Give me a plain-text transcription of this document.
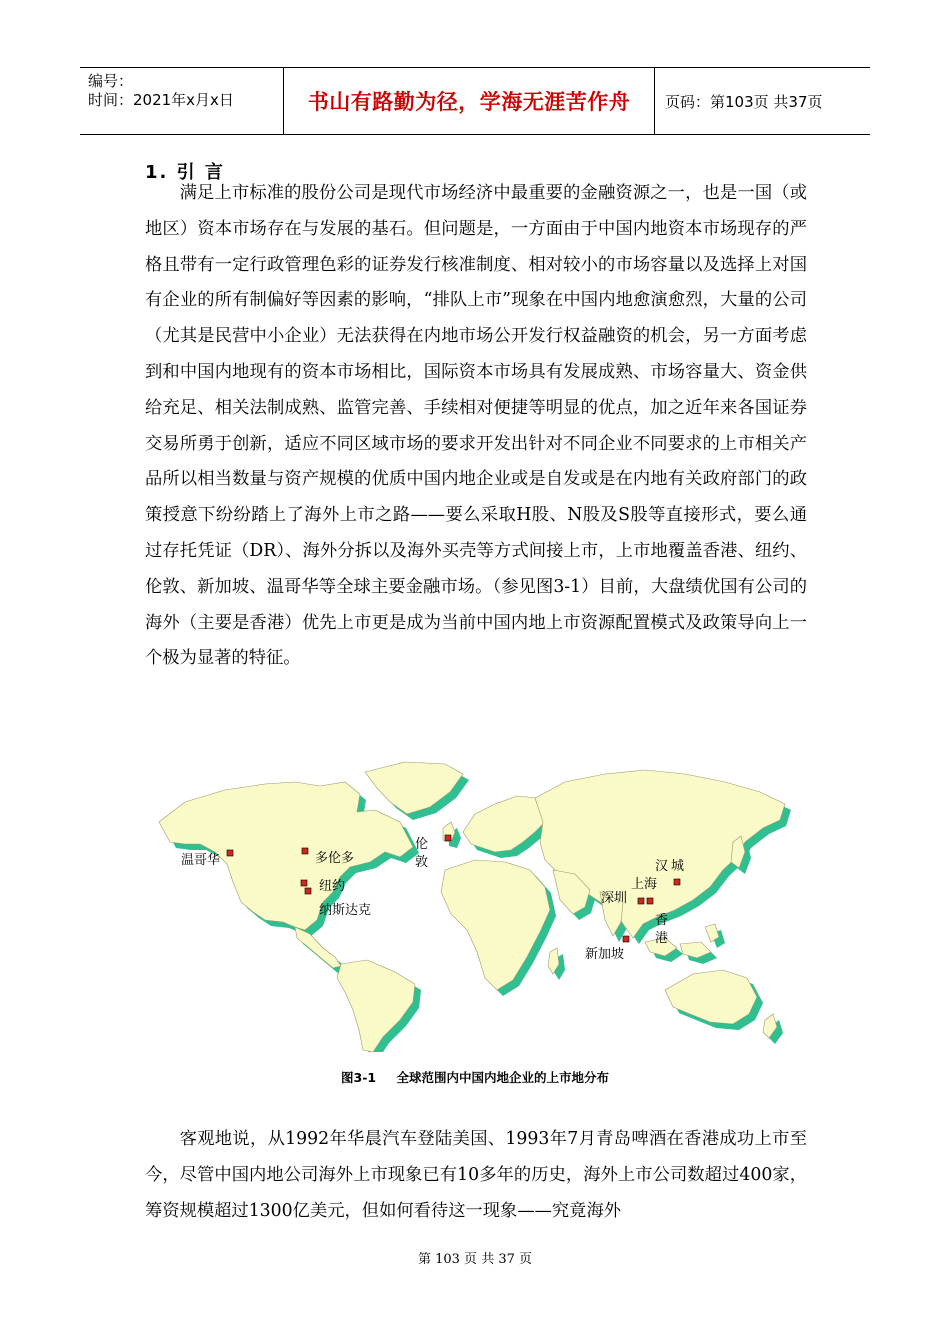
编号：
时间：2021年x月x日	书山有路勤为径，学海无涯苦作舟	页码：第103页 共37页
1. 引 言

满足上市标准的股份公司是现代市场经济中最重要的金融资源之一，也是一国（或地区）资本市场存在与发展的基石。但问题是，一方面由于中国内地资本市场现存的严格且带有一定行政管理色彩的证券发行核准制度、相对较小的市场容量以及选择上对国有企业的所有制偏好等因素的影响，“排队上市”现象在中国内地愈演愈烈，大量的公司（尤其是民营中小企业）无法获得在内地市场公开发行权益融资的机会，另一方面考虑到和中国内地现有的资本市场相比，国际资本市场具有发展成熟、市场容量大、资金供给充足、相关法制成熟、监管完善、手续相对便捷等明显的优点，加之近年来各国证券交易所勇于创新，适应不同区域市场的要求开发出针对不同企业不同要求的上市相关产品所以相当数量与资产规模的优质中国内地企业或是自发或是在内地有关政府部门的政策授意下纷纷踏上了海外上市之路——要么采取H股、N股及S股等直接形式，要么通过存托凭证（DR）、海外分拆以及海外买壳等方式间接上市，上市地覆盖香港、纽约、伦敦、新加坡、温哥华等全球主要金融市场。（参见图3-1）目前，大盘绩优国有公司的海外（主要是香港）优先上市更是成为当前中国内地上市资源配置模式及政策导向上一个极为显著的特征。

温哥华	多伦多
纽约
纳斯达克
伦
敦	汉 城
上海
深圳
香
港
新加坡
图3-1 全球范围内中国内地企业的上市地分布

客观地说，从1992年华晨汽车登陆美国、1993年7月青岛啤酒在香港成功上市至今，尽管中国内地公司海外上市现象已有10多年的历史，海外上市公司数超过400家，筹资规模超过1300亿美元，但如何看待这一现象——究竟海外

第 103 页 共 37 页
